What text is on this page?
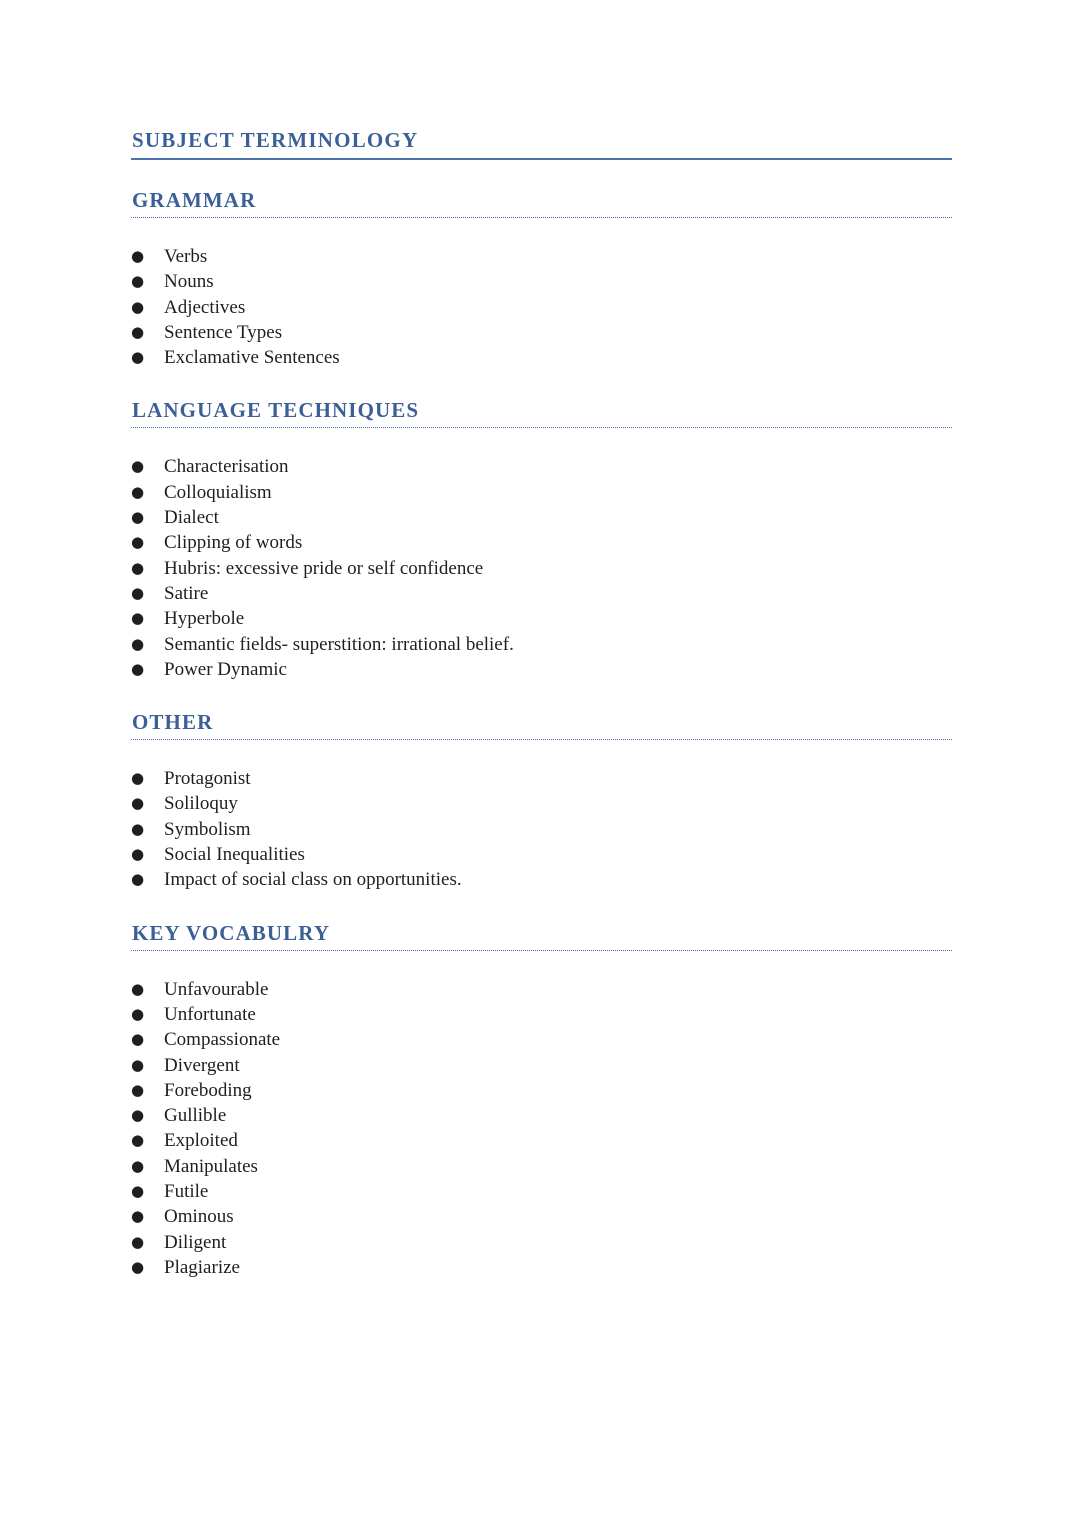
SUBJECT TERMINOLOGY
GRAMMAR
● Verbs
● Nouns
● Adjectives
● Sentence Types
● Exclamative Sentences
LANGUAGE TECHNIQUES
● Characterisation
● Colloquialism
● Dialect
● Clipping of words
● Hubris: excessive pride or self confidence
● Satire
● Hyperbole
● Semantic fields- superstition: irrational belief.
● Power Dynamic
OTHER
● Protagonist
● Soliloquy
● Symbolism
● Social Inequalities
● Impact of social class on opportunities.
KEY VOCABULRY
● Unfavourable
● Unfortunate
● Compassionate
● Divergent
● Foreboding
● Gullible
● Exploited
● Manipulates
● Futile
● Ominous
● Diligent
● Plagiarize
